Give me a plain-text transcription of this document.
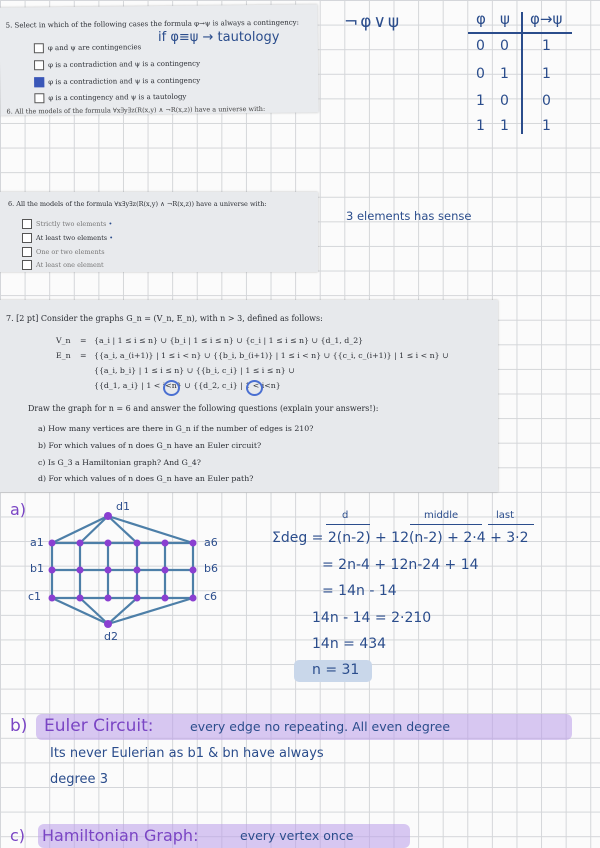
5. Select in which of the following cases the formula φ→ψ is always a contingency:
φ and ψ are contingencies
φ is a contradiction and ψ is a contingency
φ is a contradiction and ψ is a contingency
φ is a contingency and ψ is a tautology
6. All the models of the formula ∀x∃y∃z(R(x,y) ∧ ¬R(x,z)) have a universe with:
if φ≡ψ → tautology
¬φ∨ψ	φ ψ φ→ψ
0 0 1
0 1 1
1 0 0
1 1 1
6. All the models of the formula ∀x∃y∃z(R(x,y) ∧ ¬R(x,z)) have a universe with:
Strictly two elements •
At least two elements •
One or two elements
At least one element
3 elements has sense
7. [2 pt] Consider the graphs G_n = (V_n, E_n), with n > 3, defined as follows:
V_n = {a_i | 1 ≤ i ≤ n} ∪ {b_i | 1 ≤ i ≤ n} ∪ {c_i | 1 ≤ i ≤ n} ∪ {d_1, d_2}
E_n = {{a_i, a_(i+1)} | 1 ≤ i < n} ∪ {{b_i, b_(i+1)} | 1 ≤ i < n} ∪ {{c_i, c_(i+1)} | 1 ≤ i < n} ∪
{{a_i, b_i} | 1 ≤ i ≤ n} ∪ {{b_i, c_i} | 1 ≤ i ≤ n} ∪
{{d_1, a_i} | 1 < i<n} ∪ {{d_2, c_i} | 1 < i<n}
Draw the graph for n = 6 and answer the following questions (explain your answers!):
a) How many vertices are there in G_n if the number of edges is 210?
b) For which values of n does G_n have an Euler circuit?
c) Is G_3 a Hamiltonian graph? And G_4?
d) For which values of n does G_n have an Euler path?
a)	d1
d2
a1
b1
c1
a6
b6
c6
d	middle	last
Σdeg = 2(n-2) + 12(n-2) + 2·4 + 3·2
= 2n-4 + 12n-24 + 14
= 14n - 14
14n - 14 = 2·210
14n = 434
n = 31
b) Euler Circuit:	every edge no repeating. All even degree
Its never Eulerian as b1 & bn have always
degree 3
c) Hamiltonian Graph:	every vertex once
